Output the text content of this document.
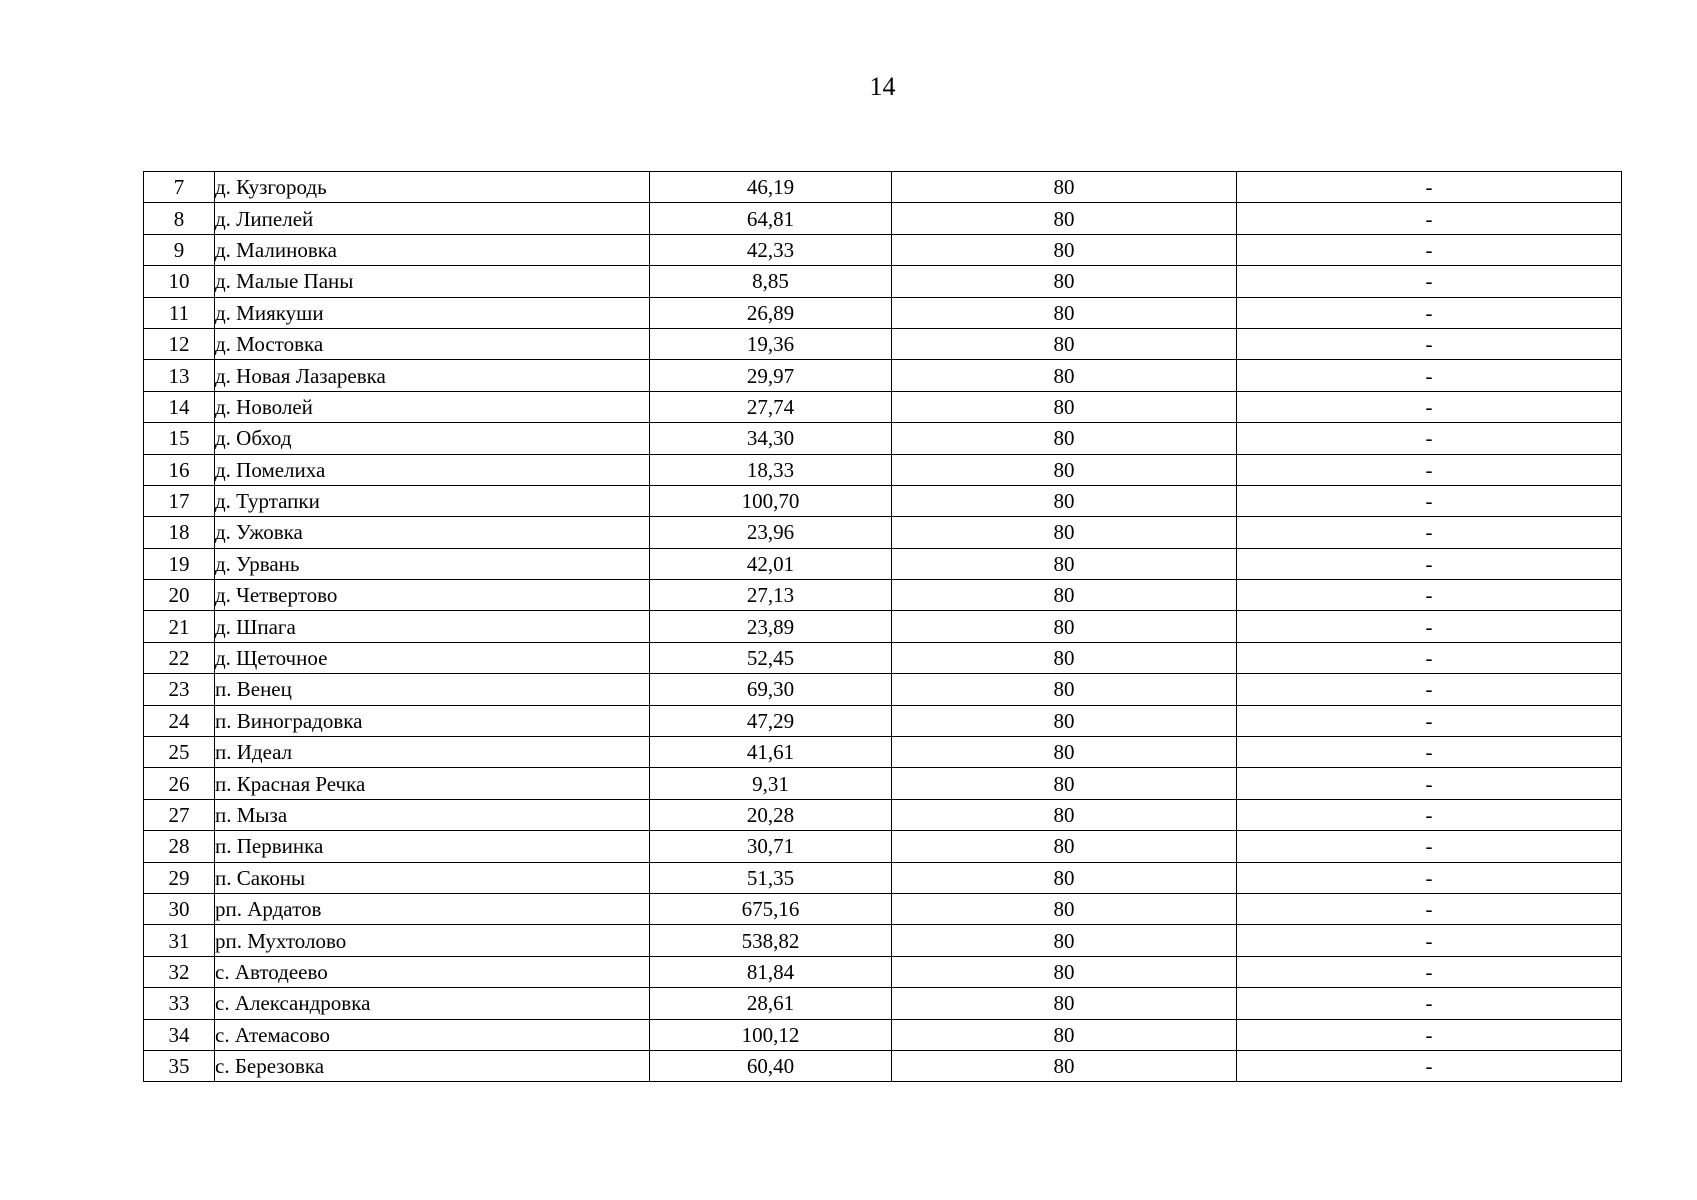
14
7	д. Кузгородь	46,19	80	-
8	д. Липелей	64,81	80	-
9	д. Малиновка	42,33	80	-
10	д. Малые Паны	8,85	80	-
11	д. Миякуши	26,89	80	-
12	д. Мостовка	19,36	80	-
13	д. Новая Лазаревка	29,97	80	-
14	д. Новолей	27,74	80	-
15	д. Обход	34,30	80	-
16	д. Помелиха	18,33	80	-
17	д. Туртапки	100,70	80	-
18	д. Ужовка	23,96	80	-
19	д. Урвань	42,01	80	-
20	д. Четвертово	27,13	80	-
21	д. Шпага	23,89	80	-
22	д. Щеточное	52,45	80	-
23	п. Венец	69,30	80	-
24	п. Виноградовка	47,29	80	-
25	п. Идеал	41,61	80	-
26	п. Красная Речка	9,31	80	-
27	п. Мыза	20,28	80	-
28	п. Первинка	30,71	80	-
29	п. Саконы	51,35	80	-
30	рп. Ардатов	675,16	80	-
31	рп. Мухтолово	538,82	80	-
32	с. Автодеево	81,84	80	-
33	с. Александровка	28,61	80	-
34	с. Атемасово	100,12	80	-
35	с. Березовка	60,40	80	-
